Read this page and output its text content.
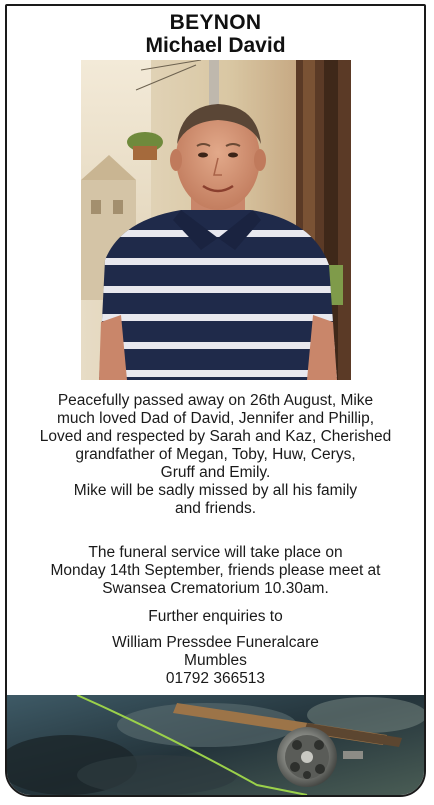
BEYNON
Michael David
Peacefully passed away on 26th August, Mike
much loved Dad of David, Jennifer and Phillip,
Loved and respected by Sarah and Kaz, Cherished
grandfather of Megan, Toby, Huw, Cerys,
Gruff and Emily.
Mike will be sadly missed by all his family
and friends.
The funeral service will take place on
Monday 14th September, friends please meet at
Swansea Crematorium 10.30am.
Further enquiries to
William Pressdee Funeralcare
Mumbles
01792 366513
